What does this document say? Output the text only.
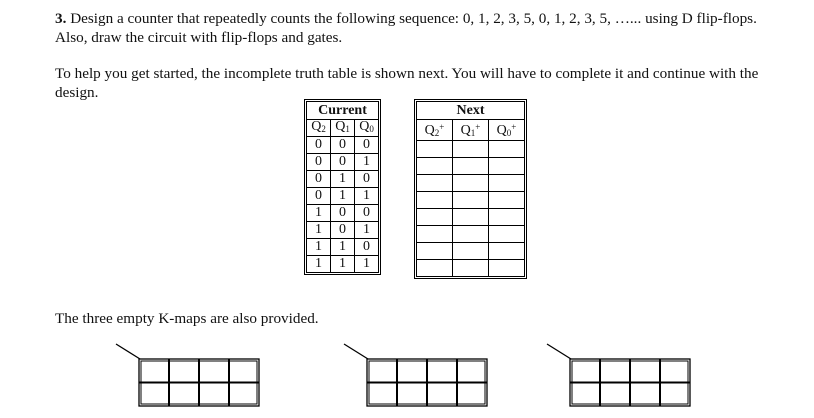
3. Design a counter that repeatedly counts the following sequence: 0, 1, 2, 3, 5, 0, 1, 2, 3, 5, …... using D flip-flops. Also, draw the circuit with flip-flops and gates.
To help you get started, the incomplete truth table is shown next. You will have to complete it and continue with the design.
Current		
$Q_2$	$Q_1$	$Q_0$
0	0	0
0	0	1
0	1	0
0	1	1
1	0	0
1	0	1
1	1	0
1	1	1
Next		
$Q_2^+$	$Q_1^+$	$Q_0^+$

The three empty K-maps are also provided.
